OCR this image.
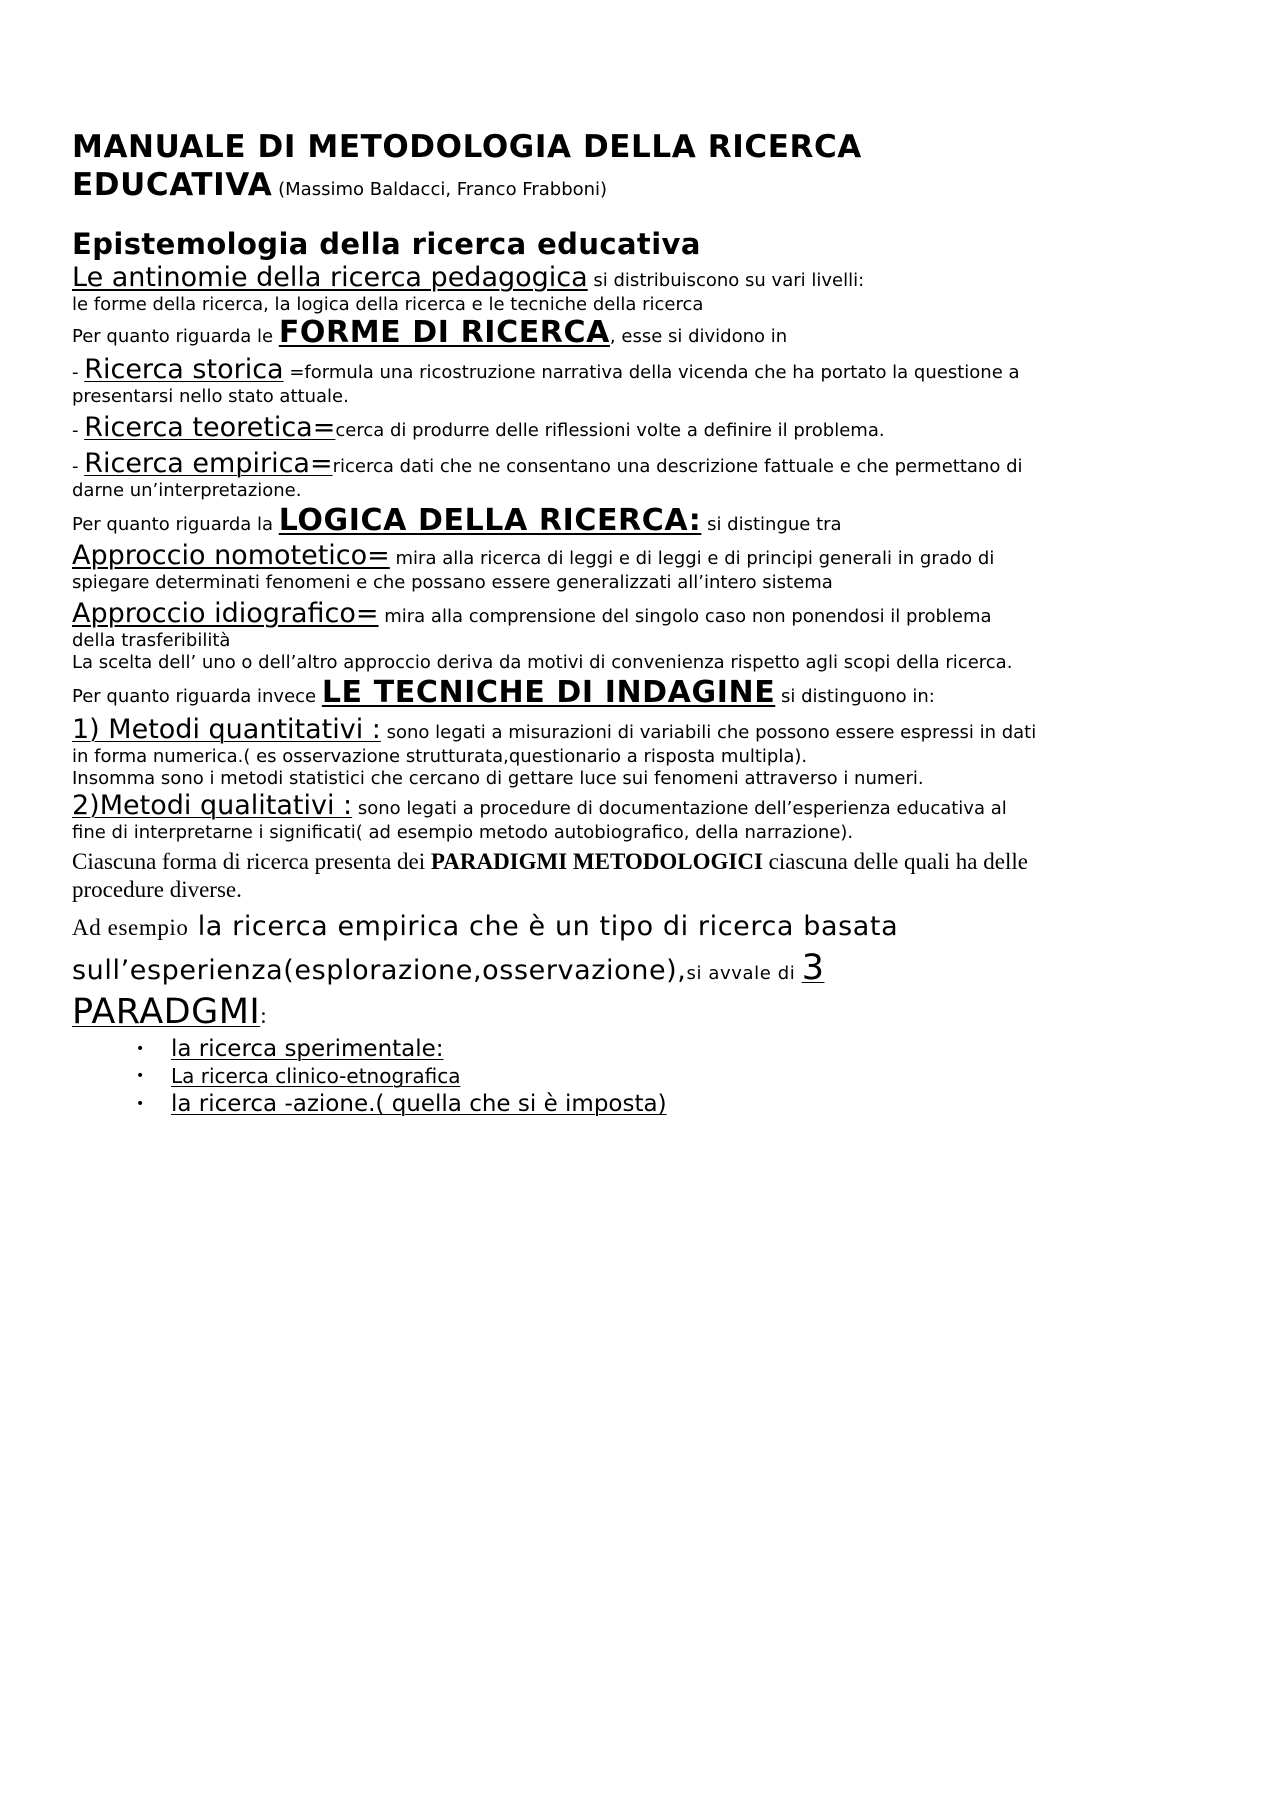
MANUALE DI METODOLOGIA DELLA RICERCA
EDUCATIVA (Massimo Baldacci, Franco Frabboni)

Epistemologia della ricerca educativa

Le antinomie della ricerca pedagogica si distribuiscono su vari livelli:

le forme della ricerca, la logica della ricerca e le tecniche della ricerca

Per quanto riguarda le FORME DI RICERCA, esse si dividono in

- Ricerca storica =formula una ricostruzione narrativa della vicenda che ha portato la questione a presentarsi nello stato attuale.

- Ricerca teoretica=cerca di produrre delle riflessioni volte a definire il problema.

- Ricerca empirica=ricerca dati che ne consentano una descrizione fattuale e che permettano di darne un’interpretazione.

Per quanto riguarda la LOGICA DELLA RICERCA: si distingue tra

Approccio nomotetico= mira alla ricerca di leggi e di leggi e di principi generali in grado di spiegare determinati fenomeni e che possano essere generalizzati all’intero sistema

Approccio idiografico= mira alla comprensione del singolo caso non ponendosi il problema della trasferibilità

La scelta dell’ uno o dell’altro approccio deriva da motivi di convenienza rispetto agli scopi della ricerca.

Per quanto riguarda invece LE TECNICHE DI INDAGINE si distinguono in:

1) Metodi quantitativi : sono legati a misurazioni di variabili che possono essere espressi in dati in forma numerica.( es osservazione strutturata,questionario a risposta multipla).

Insomma sono i metodi statistici che cercano di gettare luce sui fenomeni attraverso i numeri.

2)Metodi qualitativi : sono legati a procedure di documentazione dell’esperienza educativa al fine di interpretarne i significati( ad esempio metodo autobiografico, della narrazione).

Ciascuna forma di ricerca presenta dei PARADIGMI METODOLOGICI ciascuna delle quali ha delle procedure diverse.

Ad esempio la ricerca empirica che è un tipo di ricerca basata sull’esperienza(esplorazione,osservazione),si avvale di 3

PARADGMI:

• la ricerca sperimentale:
• La ricerca clinico-etnografica
• la ricerca -azione.( quella che si è imposta)
